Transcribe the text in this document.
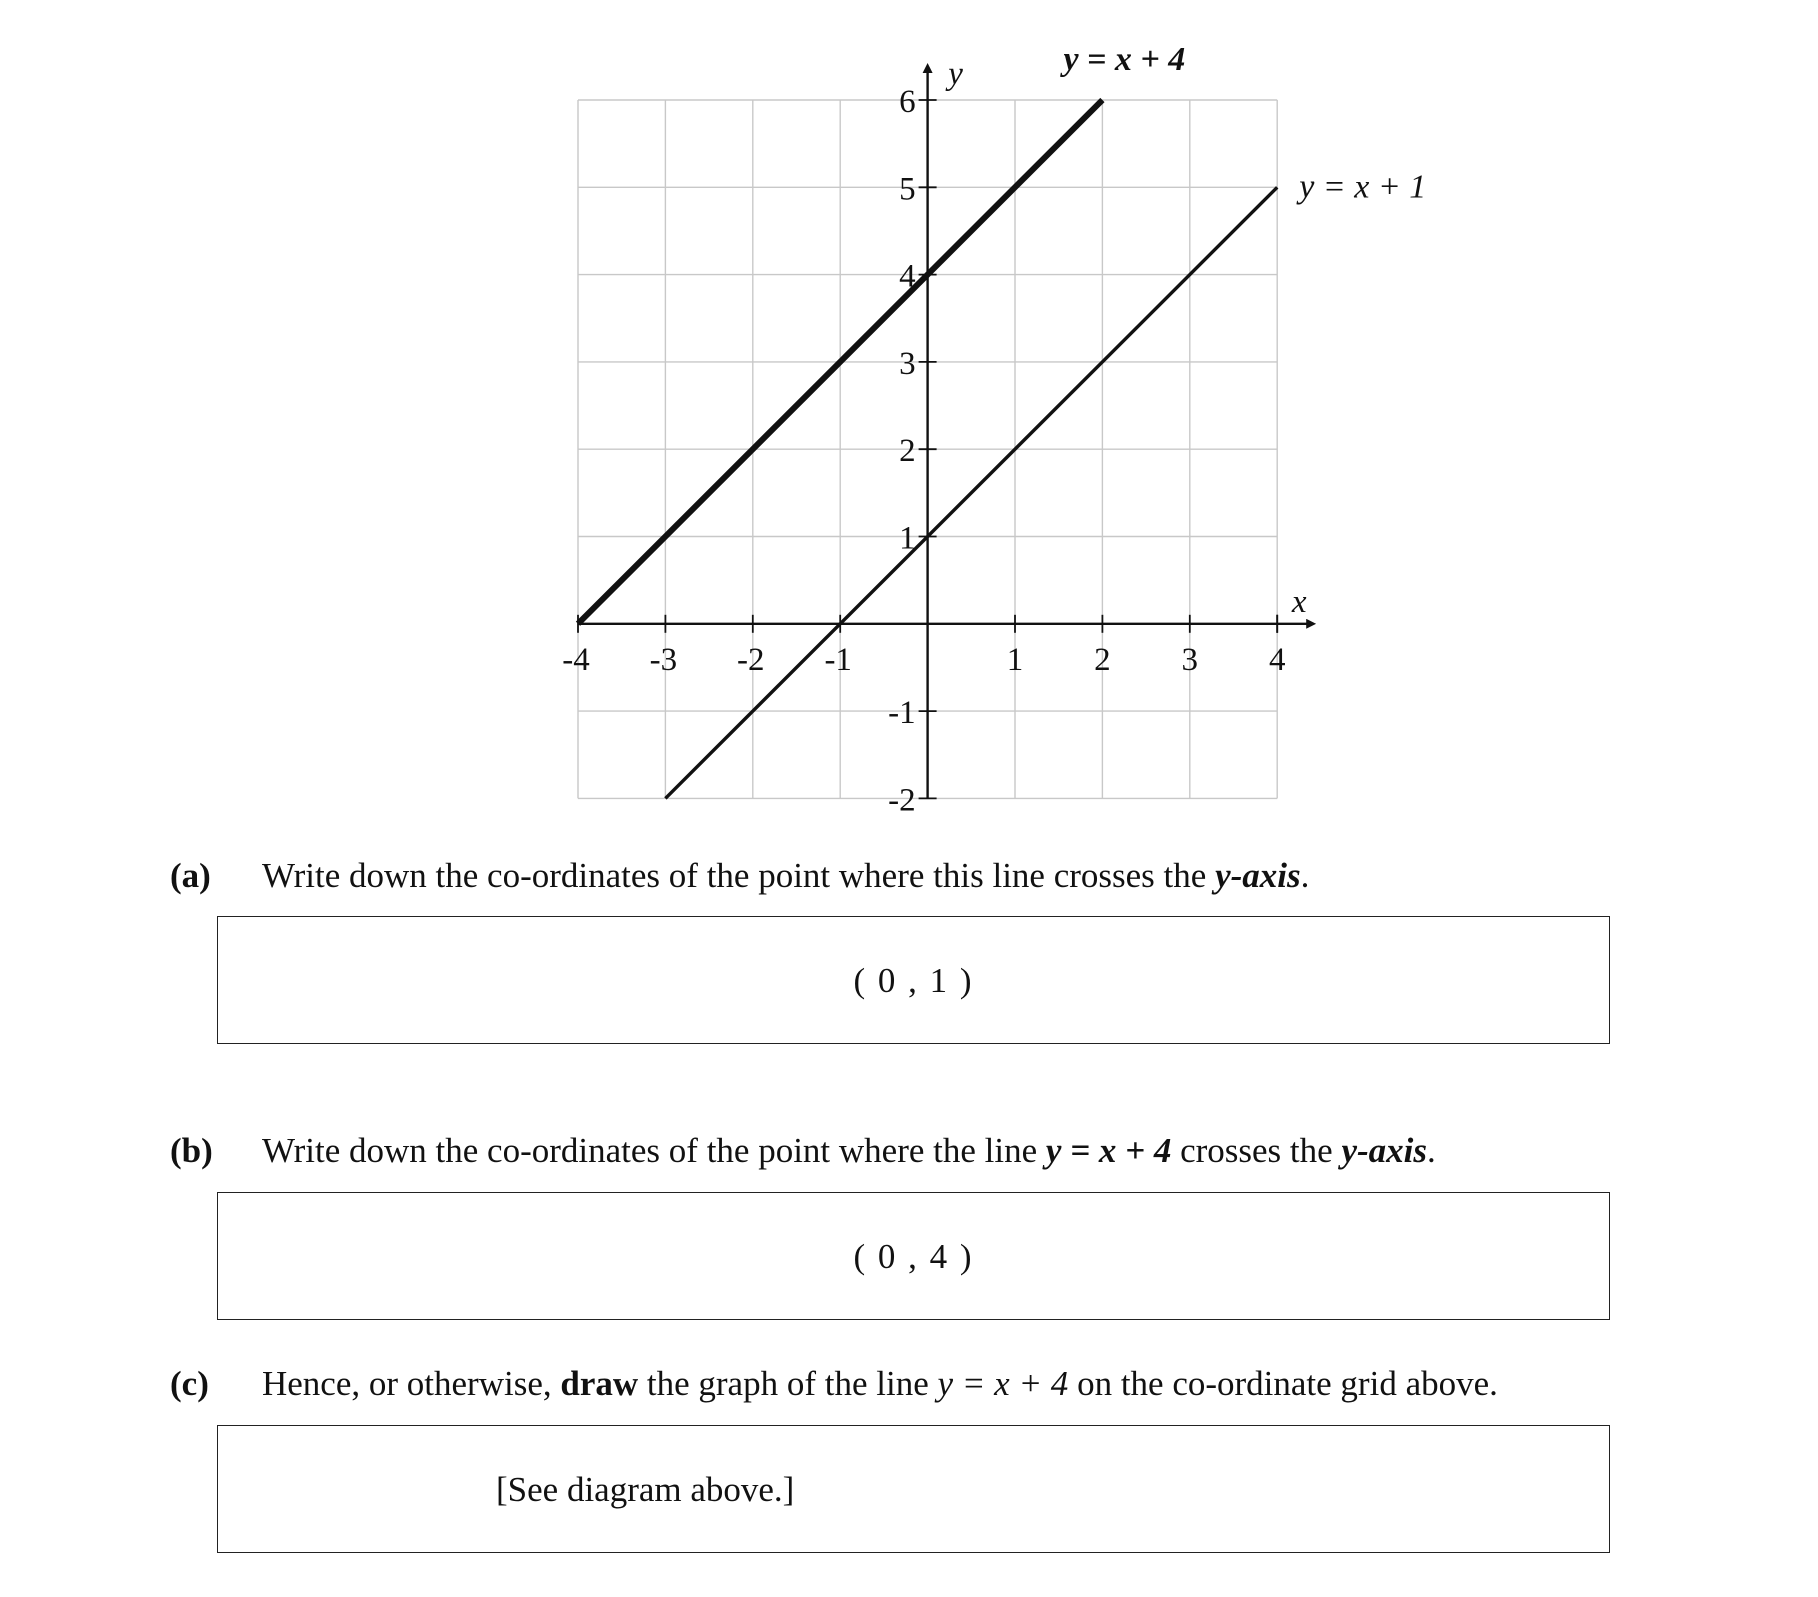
-4 -3 -2 -1	1 2 3 4
6
5
4
3
2
1
-1
-2
x
y
y = x + 1
y = x + 4
(a) Write down the co-ordinates of the point where this line crosses the y-axis.
( 0 , 1 )
(b) Write down the co-ordinates of the point where the line y = x + 4 crosses the y-axis.
( 0 , 4 )
(c) Hence, or otherwise, draw the graph of the line y = x + 4 on the co-ordinate grid above.
[See diagram above.]
